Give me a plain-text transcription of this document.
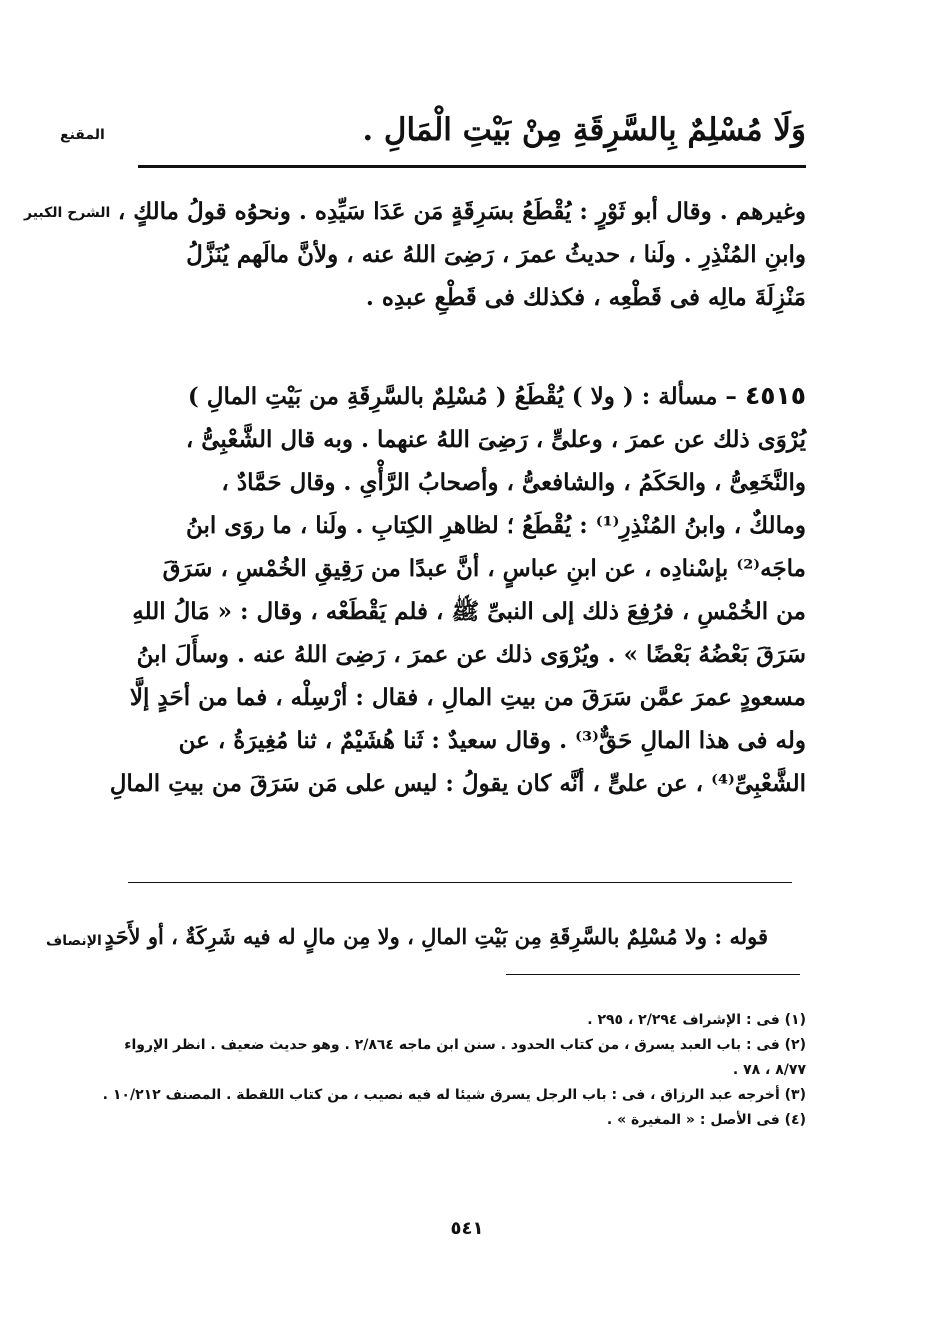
المقنع	وَلَا مُسْلِمٌ بِالسَّرِقَةِ مِنْ بَيْتِ الْمَالِ .
الشرح الكبير وغيرهم . وقال أبو ثَوْرٍ : يُقْطَعُ بسَرِقَةٍ مَن عَدَا سَيِّدِه . ونحوُه قولُ مالكٍ ،
وابنِ المُنْذِرِ . ولَنا ، حديثُ عمرَ ، رَضِىَ اللهُ عنه ، ولأنَّ مالَهم يُنَزَّلُ
مَنْزِلَةَ مالِه فى قَطْعِه ، فكذلك فى قَطْعِ عبدِه .
٤٥١٥ – مسألة : ( ولا ) يُقْطَعُ ( مُسْلِمٌ بالسَّرِقَةِ من بَيْتِ المالِ )
يُرْوَى ذلك عن عمرَ ، وعلىٍّ ، رَضِىَ اللهُ عنهما . وبه قال الشَّعْبِىُّ ،
والنَّخَعِىُّ ، والحَكَمُ ، والشافعىُّ ، وأصحابُ الرَّأْىِ . وقال حَمَّادٌ ،
ومالكٌ ، وابنُ المُنْذِرِ⁽¹⁾ : يُقْطَعُ ؛ لظاهرِ الكِتابِ . ولَنا ، ما روَى ابنُ
ماجَه⁽²⁾ بإسْنادِه ، عن ابنِ عباسٍ ، أنَّ عبدًا من رَقِيقِ الخُمْسِ ، سَرَقَ
من الخُمْسِ ، فرُفِعَ ذلك إلى النبىِّ ﷺ ، فلم يَقْطَعْه ، وقال : « مَالُ اللهِ
سَرَقَ بَعْضُهُ بَعْضًا » . ويُرْوَى ذلك عن عمرَ ، رَضِىَ اللهُ عنه . وسأَلَ ابنُ
مسعودٍ عمرَ عمَّن سَرَقَ من بيتِ المالِ ، فقال : أرْسِلْه ، فما من أحَدٍ إلَّا
وله فى هذا المالِ حَقٌّ⁽³⁾ . وقال سعيدٌ : ثَنا هُشَيْمٌ ، ثنا مُغِيرَةُ ، عن
الشَّعْبِىِّ⁽⁴⁾ ، عن علىٍّ ، أنَّه كان يقولُ : ليس على مَن سَرَقَ من بيتِ المالِ
الإنصاف قوله : ولا مُسْلِمٌ بالسَّرِقَةِ مِن بَيْتِ المالِ ، ولا مِن مالٍ له فيه شَرِكَةٌ ، أو لأَحَدٍ
(١) فى : الإشراف ٢/٢٩٤ ، ٢٩٥ .
(٢) فى : باب العبد يسرق ، من كتاب الحدود . سنن ابن ماجه ٢/٨٦٤ . وهو حديث ضعيف . انظر الإرواء
٨/٧٧ ، ٧٨ .
(٣) أخرجه عبد الرزاق ، فى : باب الرجل يسرق شيئا له فيه نصيب ، من كتاب اللقطة . المصنف ١٠/٢١٢ .
(٤) فى الأصل : « المغيرة » .
٥٤١
